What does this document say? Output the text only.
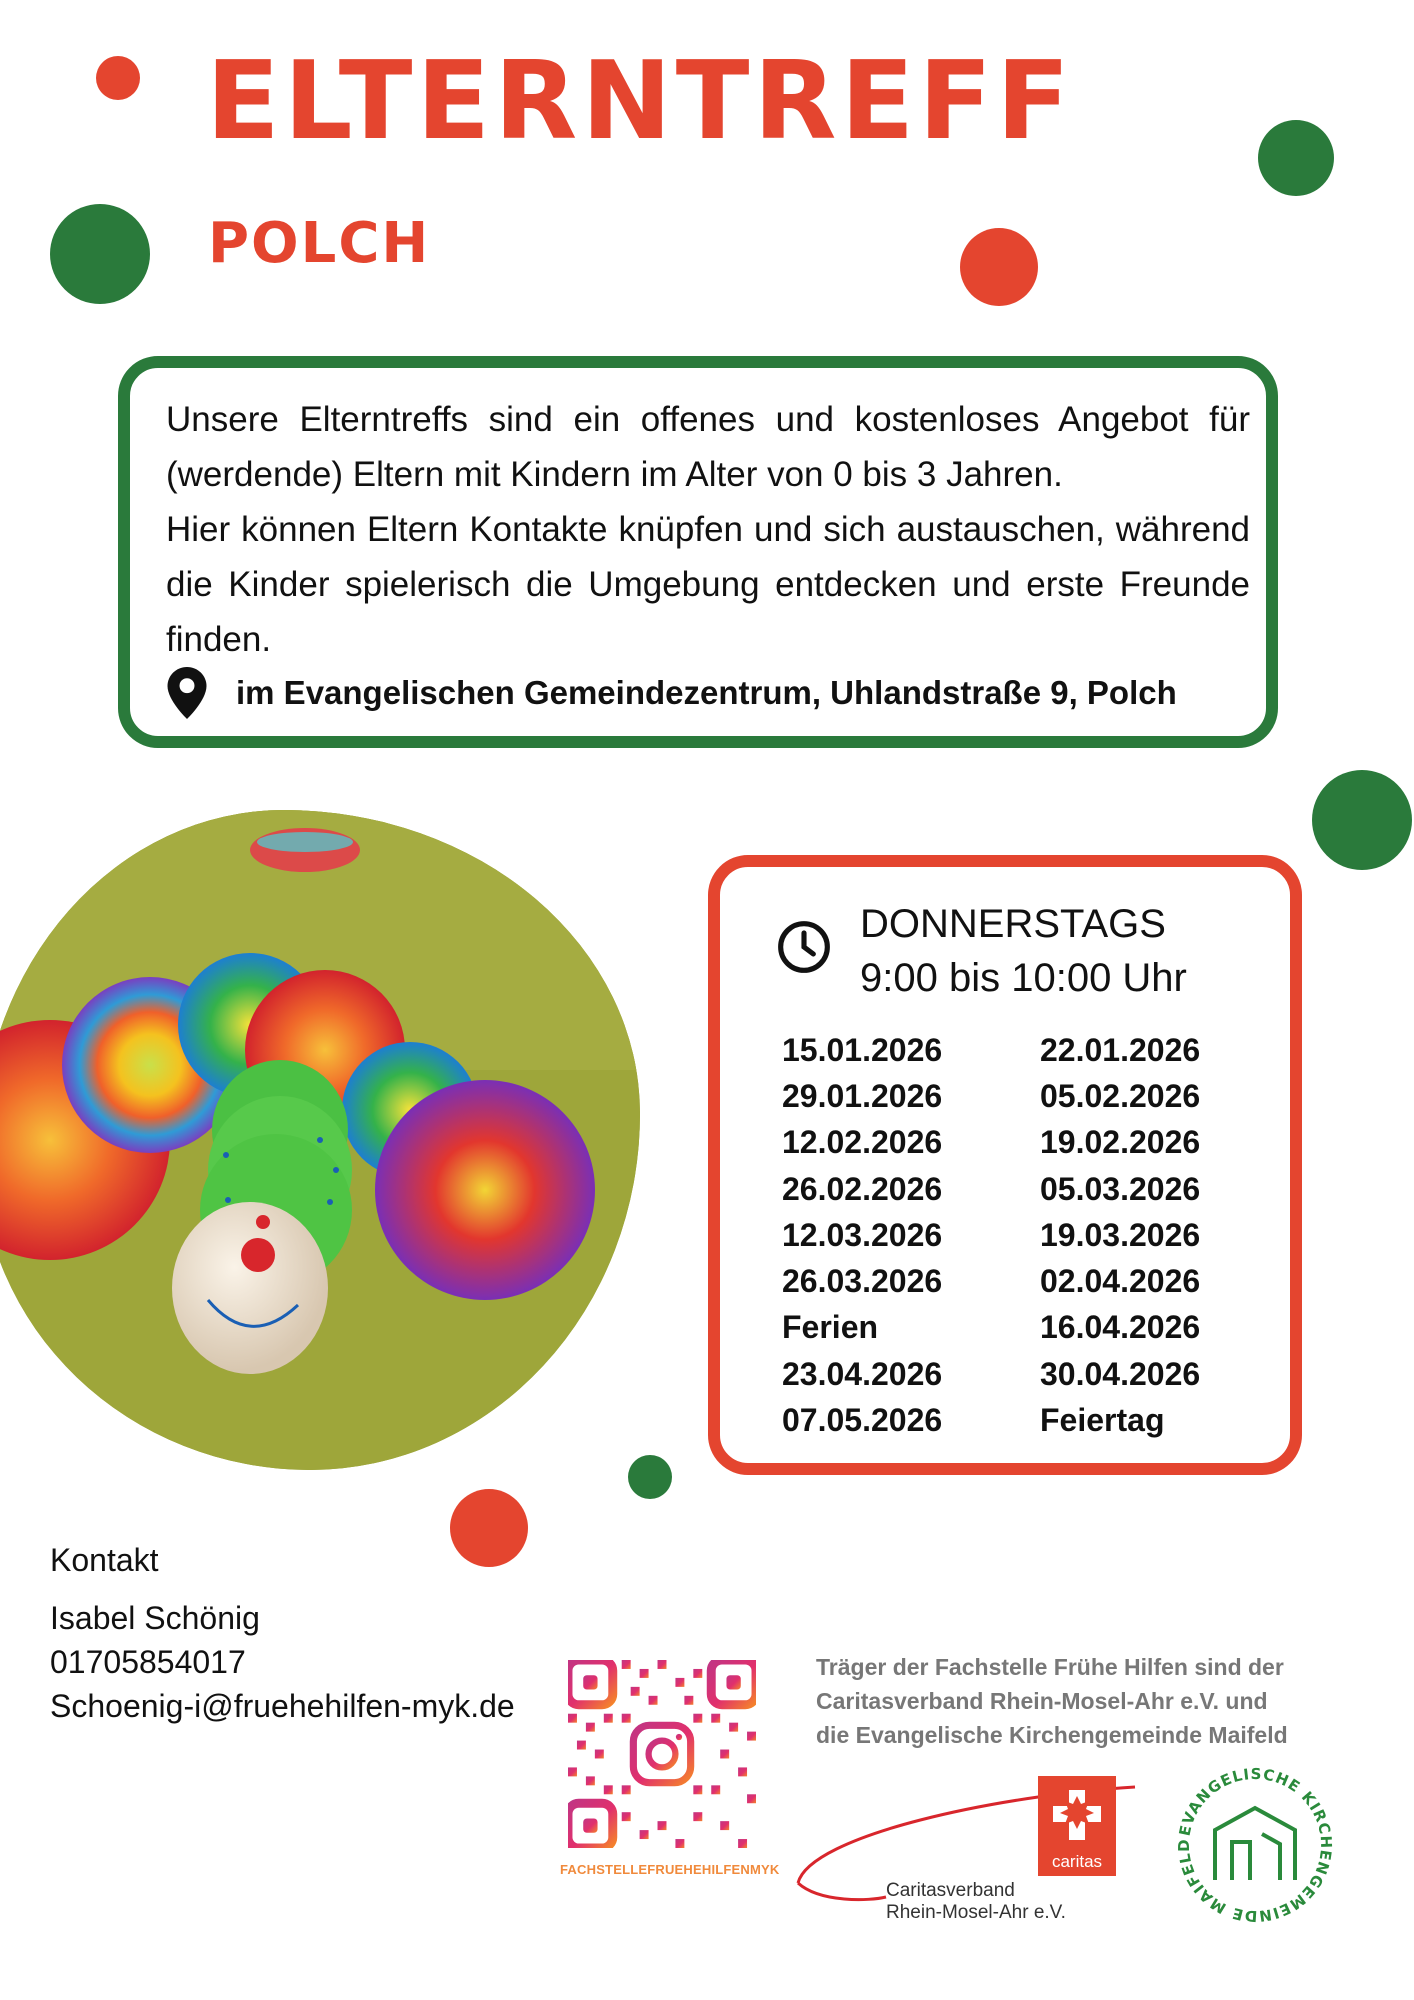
ELTERNTREFF
POLCH

Unsere Elterntreffs sind ein offenes und kostenloses Angebot für (werdende) Eltern mit Kindern im Alter von 0 bis 3 Jahren.

Hier können Eltern Kontakte knüpfen und sich austauschen, während die Kinder spielerisch die Umgebung entdecken und erste Freunde finden.

im Evangelischen Gemeindezentrum, Uhlandstraße 9, Polch
DONNERSTAGS
9:00 bis 10:00 Uhr
15.01.2026	22.01.2026
29.01.2026	05.02.2026
12.02.2026	19.02.2026
26.02.2026	05.03.2026
12.03.2026	19.03.2026
26.03.2026	02.04.2026
Ferien	16.04.2026
23.04.2026	30.04.2026
07.05.2026	Feiertag
Kontakt
Isabel Schönig
01705854017
Schoenig-i@fruehehilfen-myk.de
FACHSTELLEFRUEHEHILFENMYK
Träger der Fachstelle Frühe Hilfen sind der
Caritasverband Rhein-Mosel-Ahr e.V. und
die Evangelische Kirchengemeinde Maifeld
caritas
Caritasverband
Rhein-Mosel-Ahr e.V.
EVANGELISCHE KIRCHENGEMEINDE MAIFELD
